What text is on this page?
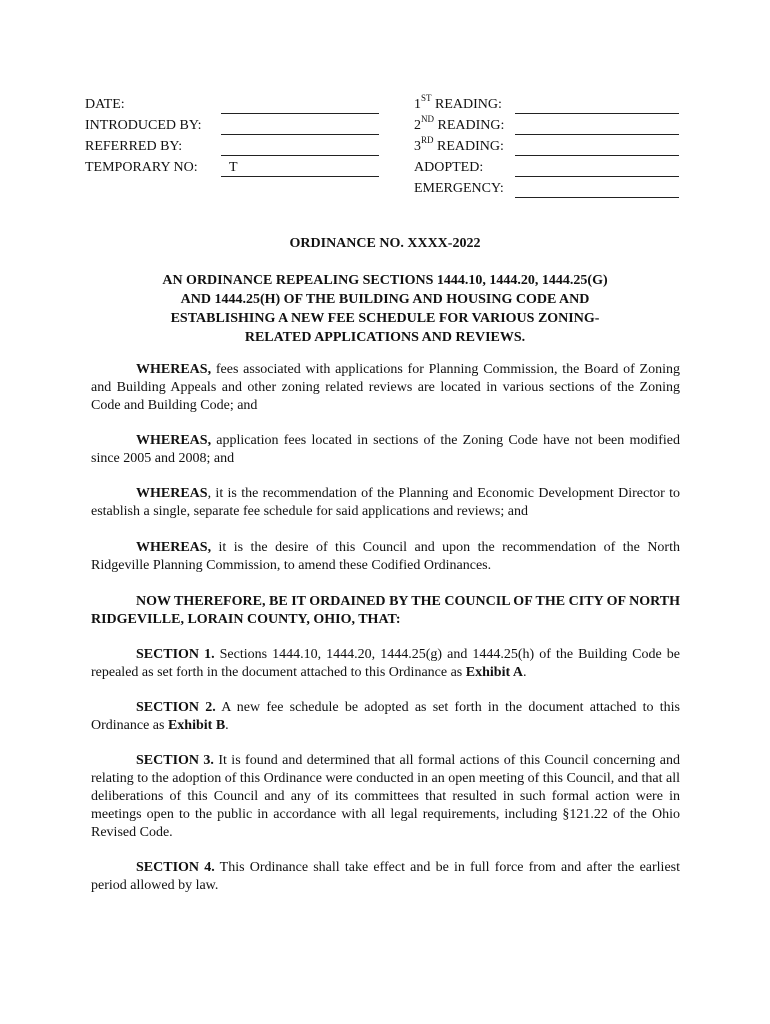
DATE:
INTRODUCED BY:
REFERRED BY:
TEMPORARY NO:	T
1ST READING:
2ND READING:
3RD READING:
ADOPTED:
EMERGENCY:
ORDINANCE NO. XXXX-2022
AN ORDINANCE REPEALING SECTIONS 1444.10, 1444.20, 1444.25(G)
AND 1444.25(H) OF THE BUILDING AND HOUSING CODE AND
ESTABLISHING A NEW FEE SCHEDULE FOR VARIOUS ZONING-
RELATED APPLICATIONS AND REVIEWS.
WHEREAS, fees associated with applications for Planning Commission, the Board of Zoning and Building Appeals and other zoning related reviews are located in various sections of the Zoning Code and Building Code; and
WHEREAS, application fees located in sections of the Zoning Code have not been modified since 2005 and 2008; and
WHEREAS, it is the recommendation of the Planning and Economic Development Director to establish a single, separate fee schedule for said applications and reviews; and
WHEREAS, it is the desire of this Council and upon the recommendation of the North Ridgeville Planning Commission, to amend these Codified Ordinances.
NOW THEREFORE, BE IT ORDAINED BY THE COUNCIL OF THE CITY OF NORTH RIDGEVILLE, LORAIN COUNTY, OHIO, THAT:
SECTION 1. Sections 1444.10, 1444.20, 1444.25(g) and 1444.25(h) of the Building Code be repealed as set forth in the document attached to this Ordinance as Exhibit A.
SECTION 2. A new fee schedule be adopted as set forth in the document attached to this Ordinance as Exhibit B.
SECTION 3. It is found and determined that all formal actions of this Council concerning and relating to the adoption of this Ordinance were conducted in an open meeting of this Council, and that all deliberations of this Council and any of its committees that resulted in such formal action were in meetings open to the public in accordance with all legal requirements, including §121.22 of the Ohio Revised Code.
SECTION 4. This Ordinance shall take effect and be in full force from and after the earliest period allowed by law.
